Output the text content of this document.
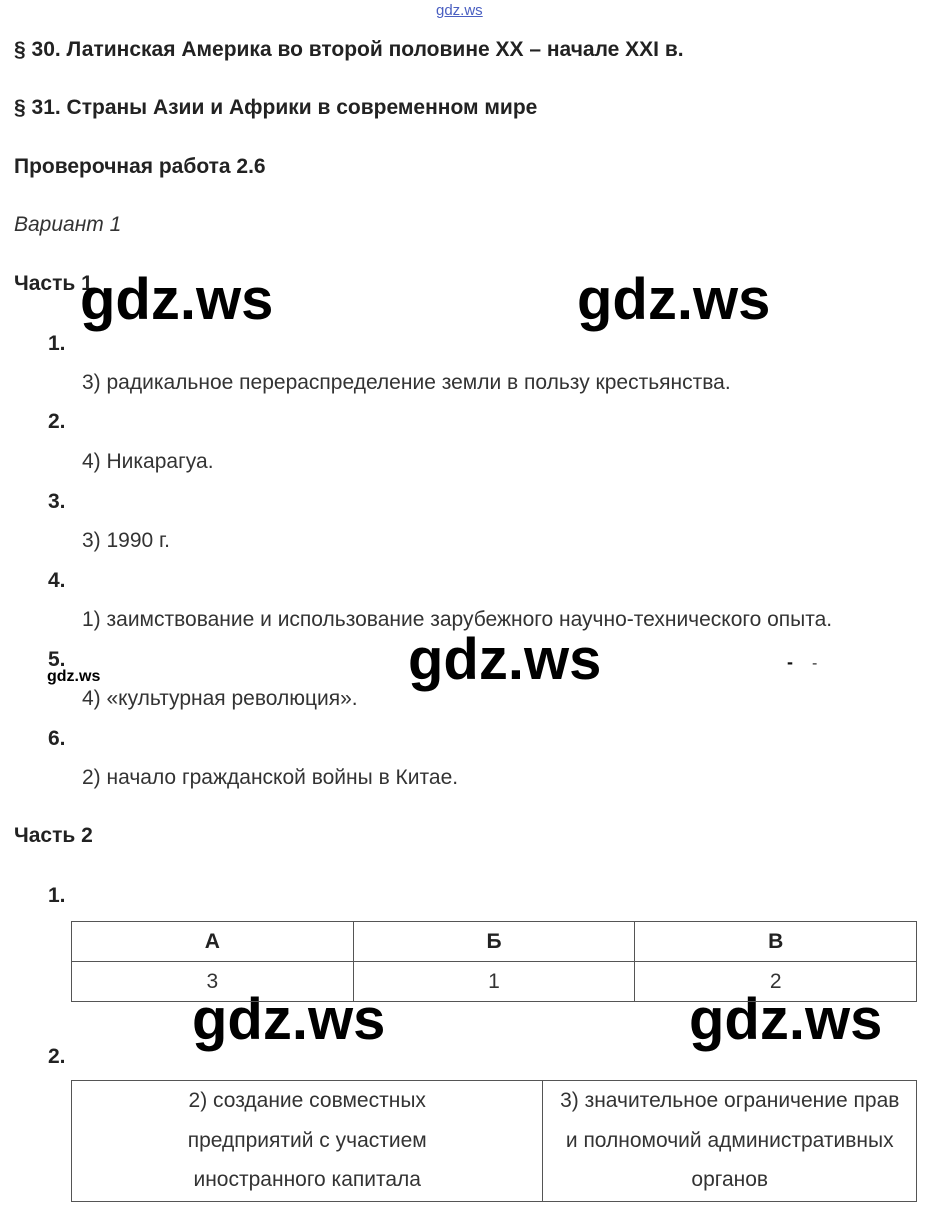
gdz.ws
§ 30. Латинская Америка во второй половине XX – начале XXI в.
§ 31. Страны Азии и Африки в современном мире
Проверочная работа 2.6
Вариант 1
Часть 1
gdz.ws	gdz.ws
gdz.ws
gdz.ws	gdz.ws
gdz.ws
- -
1.
3) радикальное перераспределение земли в пользу крестьянства.
2.
4) Никарагуа.
3.
3) 1990 г.
4.
1) заимствование и использование зарубежного научно-технического опыта.
5.
4) «культурная революция».
6.
2) начало гражданской войны в Китае.
Часть 2
1.
А	Б	В
3	1	2
2.
2) создание совместных предприятий с участием иностранного капитала	3) значительное ограничение прав и полномочий административных органов
